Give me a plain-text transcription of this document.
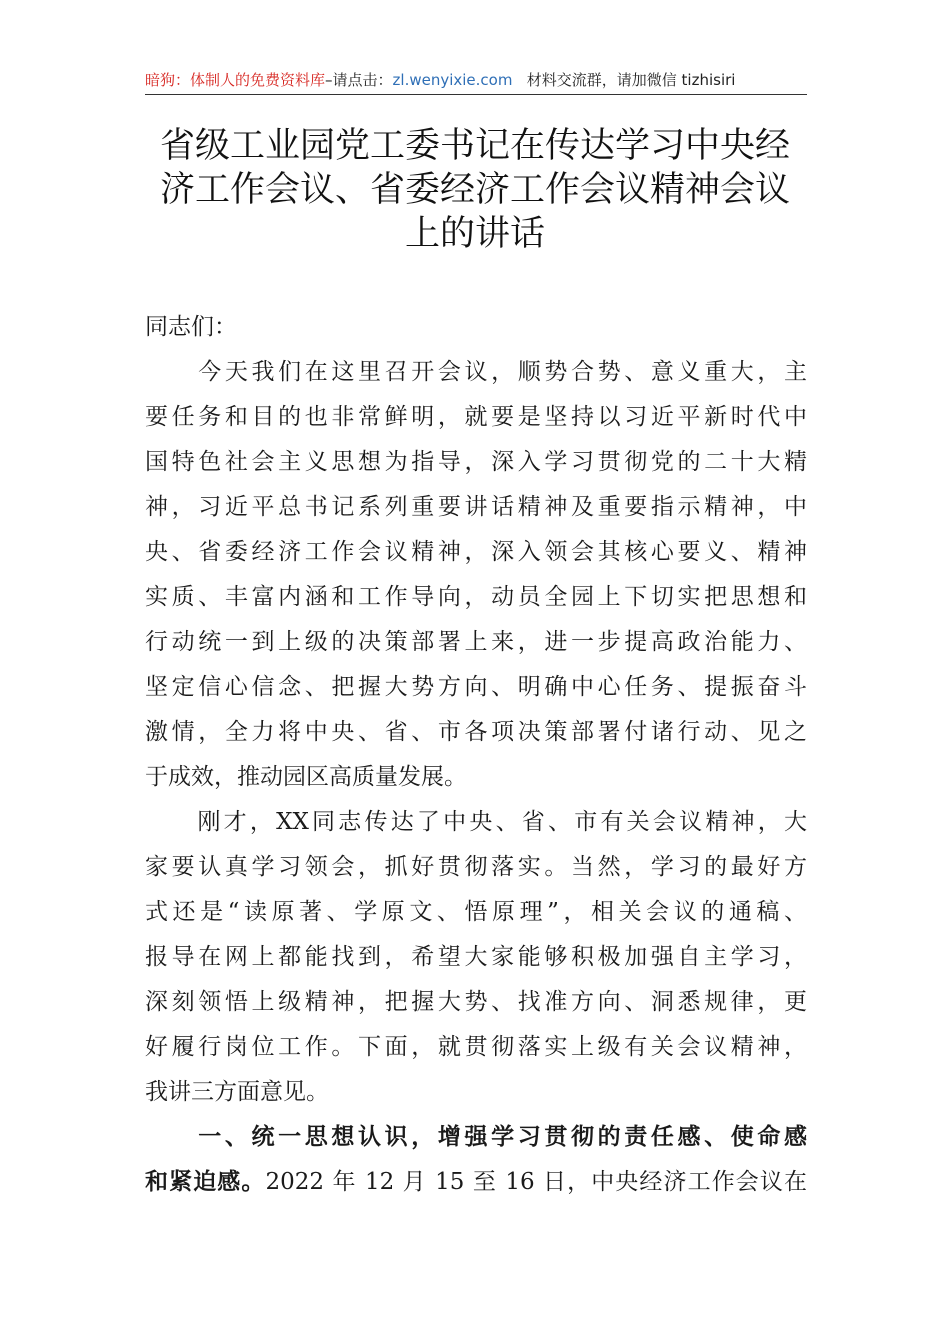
暗狗：体制人的免费资料库–请点击：zl.wenyixie.com 材料交流群，请加微信 tizhisiri
省级工业园党工委书记在传达学习中央经
济工作会议、省委经济工作会议精神会议
上的讲话

同志们：

　　今天我们在这里召开会议，顺势合势、意义重大，主
要任务和目的也非常鲜明，就要是坚持以习近平新时代中
国特色社会主义思想为指导，深入学习贯彻党的二十大精
神，习近平总书记系列重要讲话精神及重要指示精神，中
央、省委经济工作会议精神，深入领会其核心要义、精神
实质、丰富内涵和工作导向，动员全园上下切实把思想和
行动统一到上级的决策部署上来，进一步提高政治能力、
坚定信心信念、把握大势方向、明确中心任务、提振奋斗
激情，全力将中央、省、市各项决策部署付诸行动、见之
于成效，推动园区高质量发展。

　　刚才，XX同志传达了中央、省、市有关会议精神，大
家要认真学习领会，抓好贯彻落实。当然，学习的最好方
式还是“读原著、学原文、悟原理”，相关会议的通稿、
报导在网上都能找到，希望大家能够积极加强自主学习，
深刻领悟上级精神，把握大势、找准方向、洞悉规律，更
好履行岗位工作。下面，就贯彻落实上级有关会议精神，
我讲三方面意见。

　　一、统一思想认识，增强学习贯彻的责任感、使命感
和紧迫感。2022 年 12 月 15 至 16 日，中央经济工作会议在
